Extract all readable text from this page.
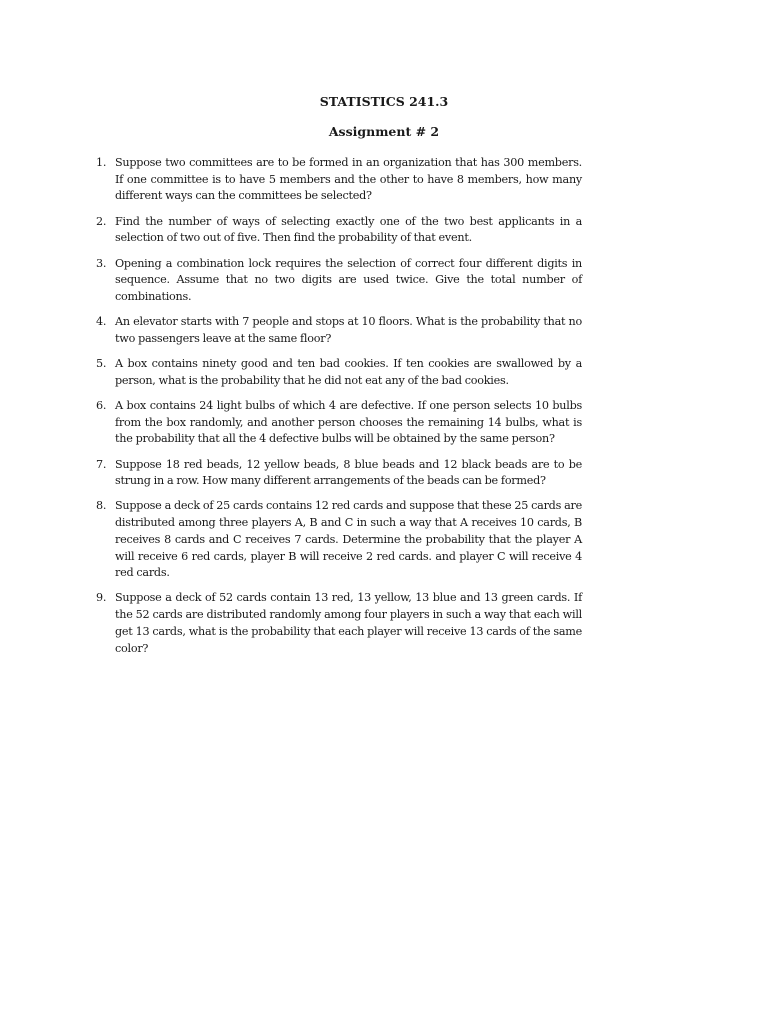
STATISTICS 241.3
Assignment # 2
1. Suppose two committees are to be formed in an organization that has 300 members. If one committee is to have 5 members and the other to have 8 members, how many different ways can the committees be selected?
2. Find the number of ways of selecting exactly one of the two best applicants in a selection of two out of five. Then find the probability of that event.
3. Opening a combination lock requires the selection of correct four different digits in sequence. Assume that no two digits are used twice. Give the total number of combinations.
4. An elevator starts with 7 people and stops at 10 floors. What is the probability that no two passengers leave at the same floor?
5. A box contains ninety good and ten bad cookies. If ten cookies are swallowed by a person, what is the probability that he did not eat any of the bad cookies.
6. A box contains 24 light bulbs of which 4 are defective. If one person selects 10 bulbs from the box randomly, and another person chooses the remaining 14 bulbs, what is the probability that all the 4 defective bulbs will be obtained by the same person?
7. Suppose 18 red beads, 12 yellow beads, 8 blue beads and 12 black beads are to be strung in a row. How many different arrangements of the beads can be formed?
8. Suppose a deck of 25 cards contains 12 red cards and suppose that these 25 cards are distributed among three players A, B and C in such a way that A receives 10 cards, B receives 8 cards and C receives 7 cards. Determine the probability that the player A will receive 6 red cards, player B will receive 2 red cards. and player C will receive 4 red cards.
9. Suppose a deck of 52 cards contain 13 red, 13 yellow, 13 blue and 13 green cards. If the 52 cards are distributed randomly among four players in such a way that each will get 13 cards, what is the probability that each player will receive 13 cards of the same color?
